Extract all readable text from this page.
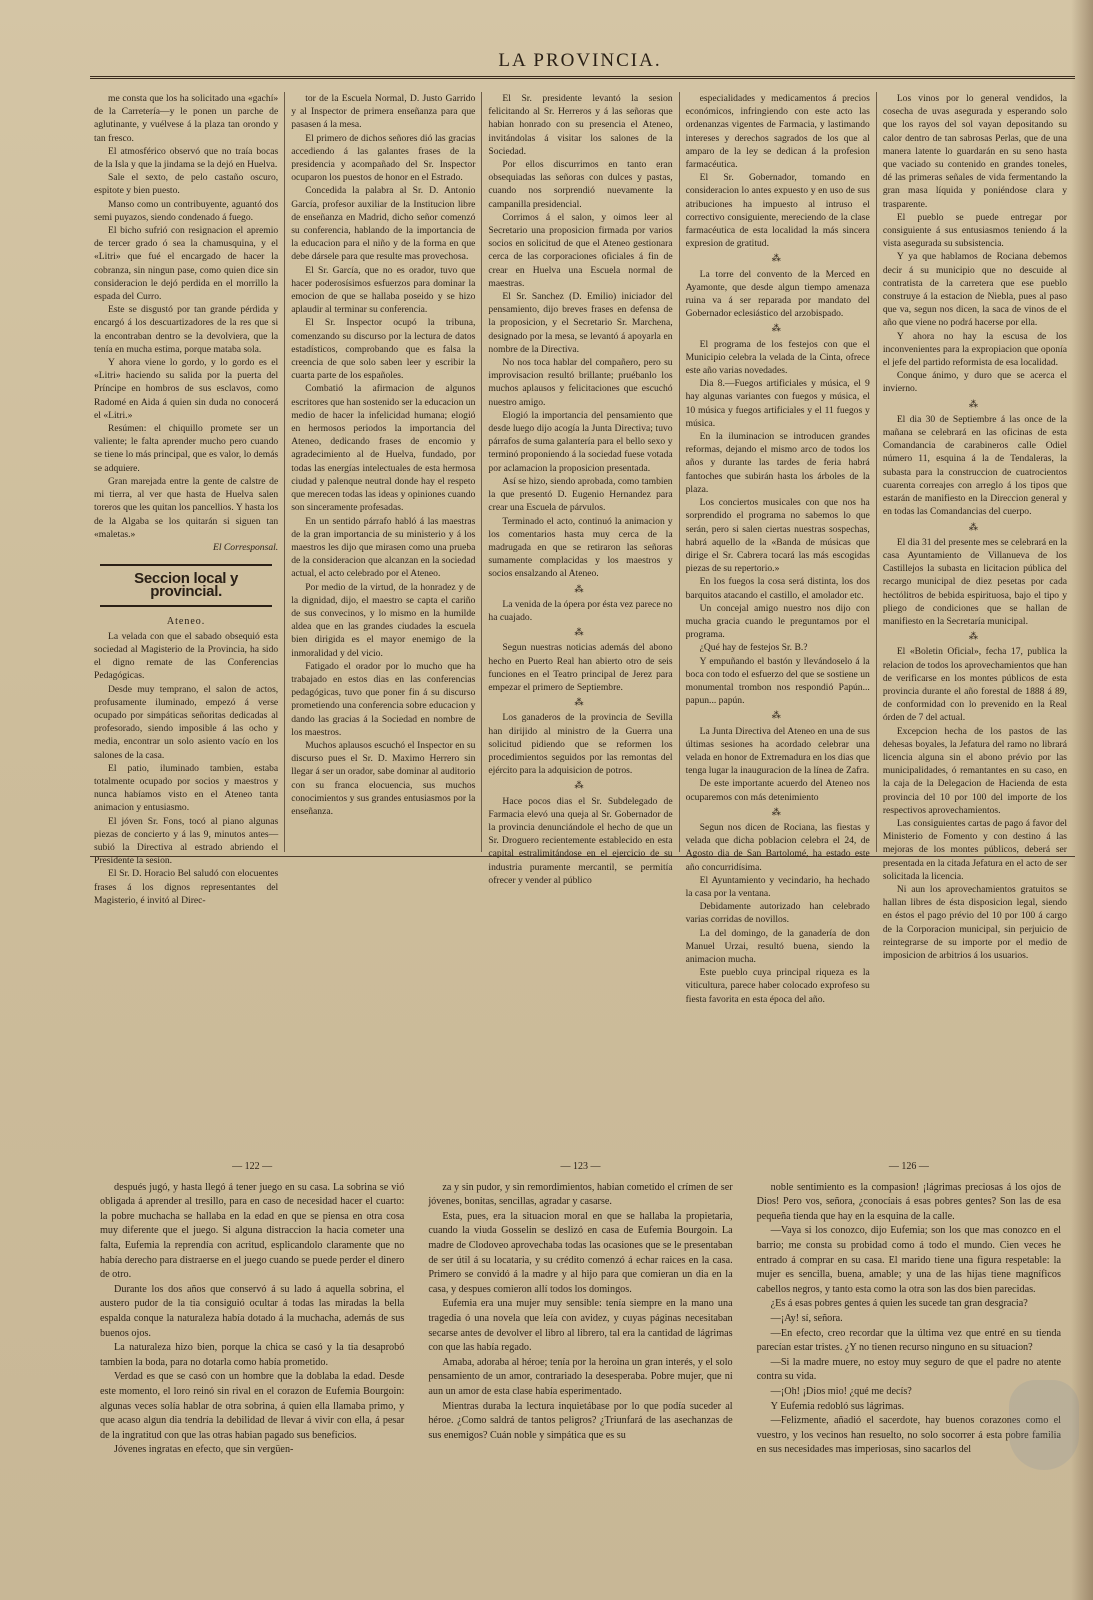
LA PROVINCIA.

me consta que los ha solicitado una «gachí» de la Carretería—y le ponen un parche de aglutinante, y vuélvese á la plaza tan orondo y tan fresco.

El atmosférico observó que no traía bocas de la Isla y que la jindama se la dejó en Huelva.

Sale el sexto, de pelo castaño oscuro, espitote y bien puesto.

Manso como un contribuyente, aguantó dos semi puyazos, siendo condenado á fuego.

El bicho sufrió con resignacion el apremio de tercer grado ó sea la chamusquina, y el «Litri» que fué el encargado de hacer la cobranza, sin ningun pase, como quien dice sin consideracion le dejó perdida en el morrillo la espada del Curro.

Este se disgustó por tan grande pérdida y encargó á los descuartizadores de la res que si la encontraban dentro se la devolviera, que la tenía en mucha estima, porque mataba sola.

Y ahora viene lo gordo, y lo gordo es el «Litri» haciendo su salida por la puerta del Príncipe en hombros de sus esclavos, como Radomé en Aida á quien sin duda no conocerá el «Litri.»

Resúmen: el chiquillo promete ser un valiente; le falta aprender mucho pero cuando se tiene lo más principal, que es valor, lo demás se adquiere.

Gran marejada entre la gente de calstre de mi tierra, al ver que hasta de Huelva salen toreros que les quitan los pancellios. Y hasta los de la Algaba se los quitarán si siguen tan «maletas.»

El Corresponsal.

Seccion local y provincial.
Ateneo.

La velada con que el sabado obsequió esta sociedad al Magisterio de la Provincia, ha sido el digno remate de las Conferencias Pedagógicas.

Desde muy temprano, el salon de actos, profusamente iluminado, empezó á verse ocupado por simpáticas señoritas dedicadas al profesorado, siendo imposible á las ocho y media, encontrar un solo asiento vacío en los salones de la casa.

El patio, iluminado tambien, estaba totalmente ocupado por socios y maestros y nunca habíamos visto en el Ateneo tanta animacion y entusiasmo.

El jóven Sr. Fons, tocó al piano algunas piezas de concierto y á las 9, minutos antes—subió la Directiva al estrado abriendo el Presidente la sesion.

El Sr. D. Horacio Bel saludó con elocuentes frases á los dignos representantes del Magisterio, é invitó al Direc-

tor de la Escuela Normal, D. Justo Garrido y al Inspector de primera enseñanza para que pasasen á la mesa.

El primero de dichos señores dió las gracias accediendo á las galantes frases de la presidencia y acompañado del Sr. Inspector ocuparon los puestos de honor en el Estrado.

Concedida la palabra al Sr. D. Antonio García, profesor auxiliar de la Institucion libre de enseñanza en Madrid, dicho señor comenzó su conferencia, hablando de la importancia de la educacion para el niño y de la forma en que debe dársele para que resulte mas provechosa.

El Sr. García, que no es orador, tuvo que hacer poderosísimos esfuerzos para dominar la emocion de que se hallaba poseido y se hizo aplaudir al terminar su conferencia.

El Sr. Inspector ocupó la tribuna, comenzando su discurso por la lectura de datos estadísticos, comprobando que es falsa la creencia de que solo saben leer y escribir la cuarta parte de los españoles.

Combatió la afirmacion de algunos escritores que han sostenido ser la educacion un medio de hacer la infelicidad humana; elogió en hermosos periodos la importancia del Ateneo, dedicando frases de encomio y agradecimiento al de Huelva, fundado, por todas las energías intelectuales de esta hermosa ciudad y palenque neutral donde hay el respeto que merecen todas las ideas y opiniones cuando son sinceramente profesadas.

En un sentido párrafo habló á las maestras de la gran importancia de su ministerio y á los maestros les dijo que mirasen como una prueba de la consideracion que alcanzan en la sociedad actual, el acto celebrado por el Ateneo.

Por medio de la virtud, de la honradez y de la dignidad, dijo, el maestro se capta el cariño de sus convecinos, y lo mismo en la humilde aldea que en las grandes ciudades la escuela bien dirigida es el mayor enemigo de la inmoralidad y del vicio.

Fatigado el orador por lo mucho que ha trabajado en estos dias en las conferencias pedagógicas, tuvo que poner fin á su discurso prometiendo una conferencia sobre educacion y dando las gracias á la Sociedad en nombre de los maestros.

Muchos aplausos escuchó el Inspector en su discurso pues el Sr. D. Maximo Herrero sin llegar á ser un orador, sabe dominar al auditorio con su franca elocuencia, sus muchos conocimientos y sus grandes entusiasmos por la enseñanza.

El Sr. presidente levantó la sesion felicitando al Sr. Herreros y á las señoras que habian honrado con su presencia el Ateneo, invitándolas á visitar los salones de la Sociedad.

Por ellos discurrimos en tanto eran obsequiadas las señoras con dulces y pastas, cuando nos sorprendió nuevamente la campanilla presidencial.

Corrimos á el salon, y oimos leer al Secretario una proposicion firmada por varios socios en solicitud de que el Ateneo gestionara cerca de las corporaciones oficiales á fin de crear en Huelva una Escuela normal de maestras.

El Sr. Sanchez (D. Emilio) iniciador del pensamiento, dijo breves frases en defensa de la proposicion, y el Secretario Sr. Marchena, designado por la mesa, se levantó á apoyarla en nombre de la Directiva.

No nos toca hablar del compañero, pero su improvisacion resultó brillante; pruébanlo los muchos aplausos y felicitaciones que escuchó nuestro amigo.

Elogió la importancia del pensamiento que desde luego dijo acogía la Junta Directiva; tuvo párrafos de suma galantería para el bello sexo y terminó proponiendo á la sociedad fuese votada por aclamacion la proposicion presentada.

Así se hizo, siendo aprobada, como tambien la que presentó D. Eugenio Hernandez para crear una Escuela de párvulos.

Terminado el acto, continuó la animacion y los comentarios hasta muy cerca de la madrugada en que se retiraron las señoras sumamente complacidas y los maestros y socios ensalzando al Ateneo.

⁂

La venida de la ópera por ésta vez parece no ha cuajado.

⁂

Segun nuestras noticias además del abono hecho en Puerto Real han abierto otro de seis funciones en el Teatro principal de Jerez para empezar el primero de Septiembre.

⁂

Los ganaderos de la provincia de Sevilla han dirijido al ministro de la Guerra una solicitud pidiendo que se reformen los procedimientos seguidos por las remontas del ejército para la adquisicion de potros.

⁂

Hace pocos dias el Sr. Subdelegado de Farmacia elevó una queja al Sr. Gobernador de la provincia denunciándole el hecho de que un Sr. Droguero recientemente establecido en esta capital estralimitándose en el ejercicio de su industria puramente mercantil, se permitía ofrecer y vender al público

especialidades y medicamentos á precios económicos, infringiendo con este acto las ordenanzas vigentes de Farmacia, y lastimando intereses y derechos sagrados de los que al amparo de la ley se dedican á la profesion farmacéutica.

El Sr. Gobernador, tomando en consideracion lo antes expuesto y en uso de sus atribuciones ha impuesto al intruso el correctivo consiguiente, mereciendo de la clase farmacéutica de esta localidad la más sincera expresion de gratitud.

⁂

La torre del convento de la Merced en Ayamonte, que desde algun tiempo amenaza ruina va á ser reparada por mandato del Gobernador eclesiástico del arzobispado.

⁂

El programa de los festejos con que el Municipio celebra la velada de la Cinta, ofrece este año varias novedades.

Dia 8.—Fuegos artificiales y música, el 9 hay algunas variantes con fuegos y música, el 10 música y fuegos artificiales y el 11 fuegos y música.

En la iluminacion se introducen grandes reformas, dejando el mismo arco de todos los años y durante las tardes de feria habrá fantoches que subirán hasta los árboles de la plaza.

Los conciertos musicales con que nos ha sorprendido el programa no sabemos lo que serán, pero si salen ciertas nuestras sospechas, habrá aquello de la «Banda de músicas que dirige el Sr. Cabrera tocará las más escogidas piezas de su repertorio.»

En los fuegos la cosa será distinta, los dos barquitos atacando el castillo, el amolador etc.

Un concejal amigo nuestro nos dijo con mucha gracia cuando le preguntamos por el programa.

¿Qué hay de festejos Sr. B.?

Y empuñando el bastón y llevándoselo á la boca con todo el esfuerzo del que se sostiene un monumental trombon nos respondió Papún... papun... papún.

⁂

La Junta Directiva del Ateneo en una de sus últimas sesiones ha acordado celebrar una velada en honor de Extremadura en los dias que tenga lugar la inauguracion de la línea de Zafra.

De este importante acuerdo del Ateneo nos ocuparemos con más detenimiento

⁂

Segun nos dicen de Rociana, las fiestas y velada que dicha poblacion celebra el 24, de Agosto dia de San Bartolomé, ha estado este año concurridísima.

El Ayuntamiento y vecindario, ha hechado la casa por la ventana.

Debidamente autorizado han celebrado varias corridas de novillos.

La del domingo, de la ganadería de don Manuel Urzai, resultó buena, siendo la animacion mucha.

Este pueblo cuya principal riqueza es la viticultura, parece haber colocado exprofeso su fiesta favorita en esta época del año.

Los vinos por lo general vendidos, la cosecha de uvas asegurada y esperando solo que los rayos del sol vayan depositando su calor dentro de tan sabrosas Perlas, que de una manera latente lo guardarán en su seno hasta que vaciado su contenido en grandes toneles, dé las primeras señales de vida fermentando la gran masa líquida y poniéndose clara y trasparente.

El pueblo se puede entregar por consiguiente á sus entusiasmos teniendo á la vista asegurada su subsistencia.

Y ya que hablamos de Rociana debemos decir á su municipio que no descuide al contratista de la carretera que ese pueblo construye á la estacion de Niebla, pues al paso que va, segun nos dicen, la saca de vinos de el año que viene no podrá hacerse por ella.

Y ahora no hay la escusa de los inconvenientes para la expropiacion que oponía el jefe del partido reformista de esa localidad.

Conque ánimo, y duro que se acerca el invierno.

⁂

El dia 30 de Septiembre á las once de la mañana se celebrará en las oficinas de esta Comandancia de carabineros calle Odiel número 11, esquina á la de Tendaleras, la subasta para la construccion de cuatrocientos cuarenta correajes con arreglo á los tipos que estarán de manifiesto en la Direccion general y en todas las Comandancias del cuerpo.

⁂

El dia 31 del presente mes se celebrará en la casa Ayuntamiento de Villanueva de los Castillejos la subasta en licitacion pública del recargo municipal de diez pesetas por cada hectólitros de bebida espirituosa, bajo el tipo y pliego de condiciones que se hallan de manifiesto en la Secretaría municipal.

⁂

El «Boletin Oficial», fecha 17, publica la relacion de todos los aprovechamientos que han de verificarse en los montes públicos de esta provincia durante el año forestal de 1888 á 89, de conformidad con lo prevenido en la Real órden de 7 del actual.

Excepcion hecha de los pastos de las dehesas boyales, la Jefatura del ramo no librará licencia alguna sin el abono prévio por las municipalidades, ó remantantes en su caso, en la caja de la Delegacion de Hacienda de esta provincia del 10 por 100 del importe de los respectivos aprovechamientos.

Las consiguientes cartas de pago á favor del Ministerio de Fomento y con destino á las mejoras de los montes públicos, deberá ser presentada en la citada Jefatura en el acto de ser solicitada la licencia.

Ni aun los aprovechamientos gratuitos se hallan libres de ésta disposicion legal, siendo en éstos el pago prévio del 10 por 100 á cargo de la Corporacion municipal, sin perjuicio de reintegrarse de su importe por el medio de imposicion de arbitrios á los usuarios.

— 122 —

después jugó, y hasta llegó á tener juego en su casa. La sobrina se vió obligada á aprender al tresillo, para en caso de necesidad hacer el cuarto: la pobre muchacha se hallaba en la edad en que se piensa en otra cosa muy diferente que el juego. Si alguna distraccion la hacia cometer una falta, Eufemia la reprendía con acritud, esplicandolo claramente que no había derecho para distraerse en el juego cuando se puede perder el dinero de otro.

Durante los dos años que conservó á su lado á aquella sobrina, el austero pudor de la tia consiguió ocultar á todas las miradas la bella espalda conque la naturaleza había dotado á la muchacha, además de sus buenos ojos.

La naturaleza hizo bien, porque la chica se casó y la tia desaprobó tambien la boda, para no dotarla como había prometido.

Verdad es que se casó con un hombre que la doblaba la edad. Desde este momento, el loro reinó sin rival en el corazon de Eufemia Bourgoin: algunas veces solía hablar de otra sobrina, á quien ella llamaba primo, y que acaso algun dia tendría la debilidad de llevar á vivir con ella, á pesar de la ingratitud con que las otras habian pagado sus beneficios.

Jóvenes ingratas en efecto, que sin vergüen-

— 123 —

za y sin pudor, y sin remordimientos, habian cometido el crímen de ser jóvenes, bonitas, sencillas, agradar y casarse.

Esta, pues, era la situacion moral en que se hallaba la propietaria, cuando la viuda Gosselin se deslizó en casa de Eufemia Bourgoin. La madre de Clodoveo aprovechaba todas las ocasiones que se le presentaban de ser útil á su locataria, y su crédito comenzó á echar raices en la casa. Primero se convidó á la madre y al hijo para que comieran un dia en la casa, y despues comieron allí todos los domingos.

Eufemia era una mujer muy sensible: tenía siempre en la mano una tragedia ó una novela que leía con avidez, y cuyas páginas necesitaban secarse antes de devolver el libro al librero, tal era la cantidad de lágrimas con que las había regado.

Amaba, adoraba al héroe; tenía por la heroina un gran interés, y el solo pensamiento de un amor, contrariado la desesperaba. Pobre mujer, que ni aun un amor de esta clase había esperimentado.

Mientras duraba la lectura inquietábase por lo que podía suceder al héroe. ¿Como saldrá de tantos peligros? ¿Triunfará de las asechanzas de sus enemigos? Cuán noble y simpática que es su

— 126 —

noble sentimiento es la compasion! ¡lágrimas preciosas á los ojos de Dios! Pero vos, señora, ¿conocíais á esas pobres gentes? Son las de esa pequeña tienda que hay en la esquina de la calle.

—Vaya si los conozco, dijo Eufemia; son los que mas conozco en el barrio; me consta su probidad como á todo el mundo. Cien veces he entrado á comprar en su casa. El marido tiene una figura respetable: la mujer es sencilla, buena, amable; y una de las hijas tiene magníficos cabellos negros, y tanto esta como la otra son las dos bien parecidas.

¿Es á esas pobres gentes á quien les sucede tan gran desgracia?

—¡Ay! sí, señora.

—En efecto, creo recordar que la última vez que entré en su tienda parecían estar tristes. ¿Y no tienen recurso ninguno en su situacion?

—Si la madre muere, no estoy muy seguro de que el padre no atente contra su vida.

—¡Oh! ¡Dios mio! ¿qué me decís?

Y Eufemia redobló sus lágrimas.

—Felizmente, añadió el sacerdote, hay buenos corazones como el vuestro, y los vecinos han resuelto, no solo socorrer á esta pobre familia en sus necesidades mas imperiosas, sino sacarlos del
